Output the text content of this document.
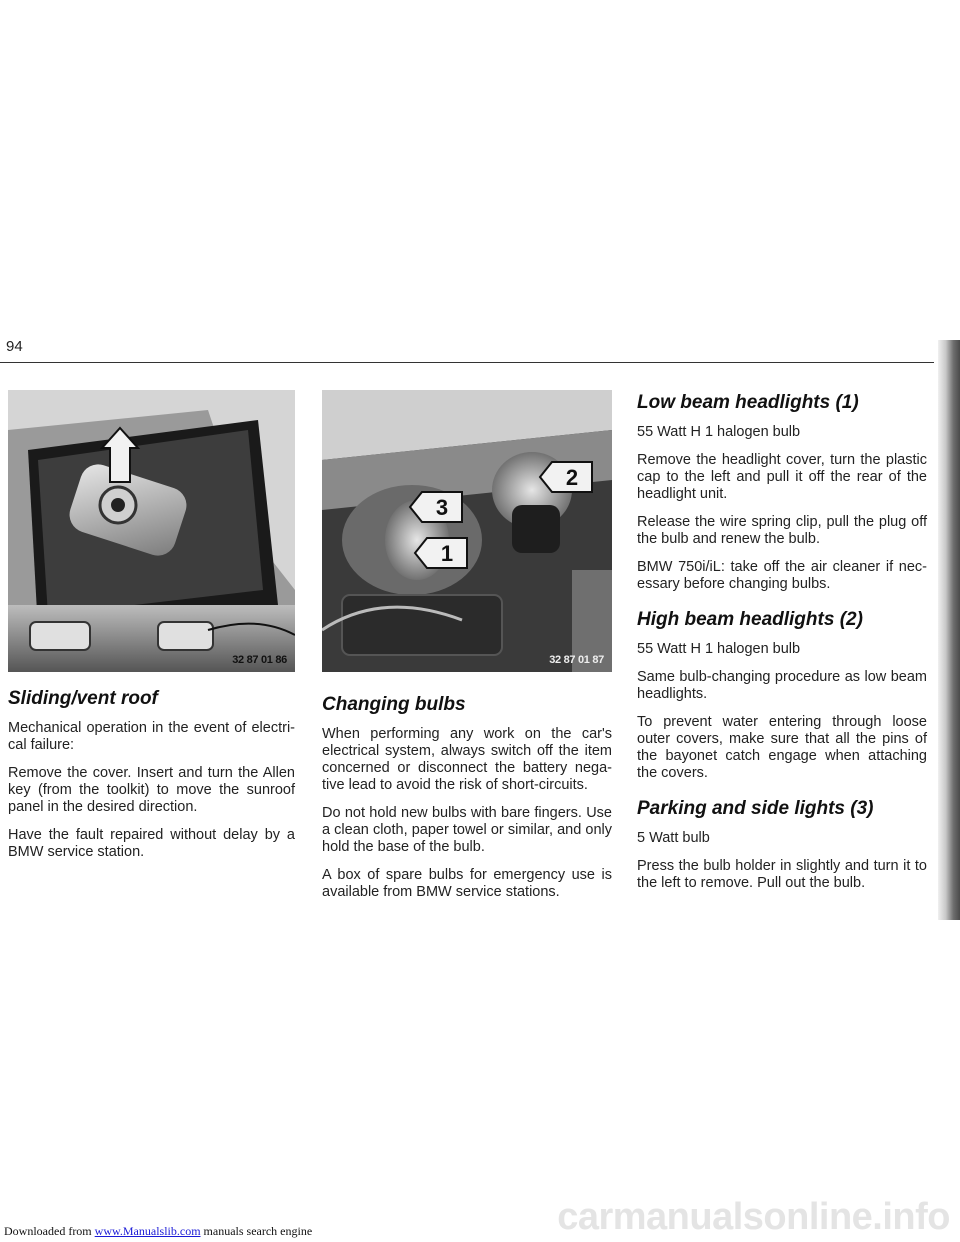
94
32 87 01 86
3
2
1
32 87 01 87
Sliding/vent roof

Mechanical operation in the event of electri-cal failure:

Remove the cover. Insert and turn the Allen key (from the toolkit) to move the sunroof panel in the desired direction.

Have the fault repaired without delay by a BMW service station.

Changing bulbs

When performing any work on the car's electrical system, always switch off the item concerned or disconnect the battery nega-tive lead to avoid the risk of short-circuits.

Do not hold new bulbs with bare fingers. Use a clean cloth, paper towel or similar, and only hold the base of the bulb.

A box of spare bulbs for emergency use is available from BMW service stations.

Low beam headlights (1)

55 Watt H 1 halogen bulb

Remove the headlight cover, turn the plastic cap to the left and pull it off the rear of the headlight unit.

Release the wire spring clip, pull the plug off the bulb and renew the bulb.

BMW 750i/iL: take off the air cleaner if nec-essary before changing bulbs.

High beam headlights (2)

55 Watt H 1 halogen bulb

Same bulb-changing procedure as low beam headlights.

To prevent water entering through loose outer covers, make sure that all the pins of the bayonet catch engage when attaching the covers.

Parking and side lights (3)

5 Watt bulb

Press the bulb holder in slightly and turn it to the left to remove. Pull out the bulb.

carmanualsonline.info
Downloaded from www.Manualslib.com manuals search engine
